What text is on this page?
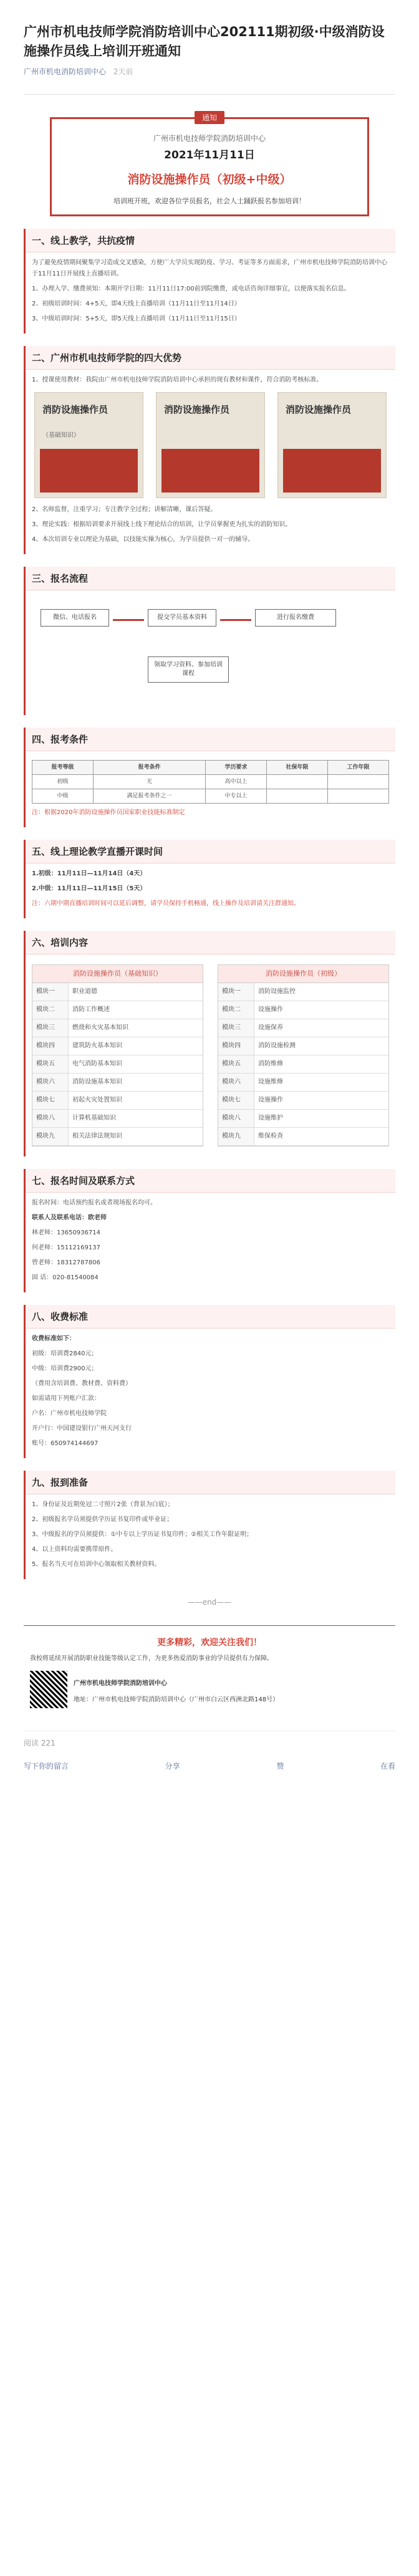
广州市机电技师学院消防培训中心202111期初级·中级消防设施操作员线上培训开班通知
广州市机电消防培训中心 2天前
通知
广州市机电技师学院消防培训中心
2021年11月11日
消防设施操作员（初级+中级）
培训班开班，欢迎各位学员报名，社会人士踊跃报名参加培训！
一、线上教学，共抗疫情
为了避免疫情期间聚集学习造成交叉感染，方便广大学员实现防疫、学习、考证等多方面需求，广州市机电技师学院消防培训中心于11月11日开展线上直播培训。
1、办理入学、缴费须知：本期开学日期：11月11日17:00前到院缴费，或电话咨询详细事宜，以便落实报名信息。
2、初级培训时间：4+5天，即4天线上直播培训（11月11日至11月14日）
3、中级培训时间：5+5天，即5天线上直播培训（11月11日至11月15日）
二、广州市机电技师学院的四大优势
1、授课使用教材：我院由广州市机电技师学院消防培训中心承担的现有教材和课件，符合消防考核标准。
消防设施操作员
（基础知识）
消防设施操作员	消防设施操作员
2、名师监督，注重学习；专注教学全过程；讲解清晰，课后答疑。
3、理论实践：根据培训要求开展线上线下理论结合的培训，让学员掌握更为扎实的消防知识。
4、本次培训专业以理论为基础，以技能实操为核心，为学员提供一对一的辅导。
三、报名流程
微信、电话报名	提交学员基本资料	进行报名缴费
领取学习资料、参加培训课程
四、报考条件
报考等级	报考条件	学历要求	社保年限	工作年限
初级	无	高中以上		
中级	满足报考条件之一	中专以上		
注：根据2020年消防设施操作员国家职业技能标准制定
五、线上理论教学直播开课时间
1.初级：11月11日—11月14日（4天）
2.中级：11月11日—11月15日（5天）
注：六期中期直播培训时间可以延后调整，请学员保持手机畅通，线上操作及培训请关注群通知。
六、培训内容
消防设施操作员（基础知识）
模块一	职业道德
模块二	消防工作概述
模块三	燃烧和火灾基本知识
模块四	建筑防火基本知识
模块五	电气消防基本知识
模块六	消防设施基本知识
模块七	初起火灾处置知识
模块八	计算机基础知识
模块九	相关法律法规知识
消防设施操作员（初级）
模块一	消防设施监控
模块二	设施操作
模块三	设施保养
模块四	消防设施检测
模块五	消防维修
模块六	设施维修
模块七	设施操作
模块八	设施维护
模块九	维保检查
七、报名时间及联系方式
报名时间：电话预约报名或者现场报名均可。
联系人及联系电话：欧老师
林老师：13650936714
何老师：15112169137
曾老师：18312787806
固 话：020-81540084
八、收费标准
收费标准如下：
初级：培训费2840元；
中级：培训费2900元；
（费用含培训费、教材费、资料费）
如需请用下列账户汇款：
户名：广州市机电技师学院
开户行：中国建设银行广州天河支行
账号：650974144697
九、报到准备
1、身份证及近期免冠二寸照片2张（背景为白底）；
2、初级报名学员须提供学历证书复印件或毕业证；
3、中级报名的学员须提供：①中专以上学历证书复印件；②相关工作年限证明；
4、以上资料均需要携带原件。
5、报名当天可在培训中心领取相关教材资料。
——end——
更多精彩，欢迎关注我们！
我校将延续开展消防职业技能等级认定工作，为更多热爱消防事业的学员提供有力保障。
广州市机电技师学院消防培训中心
地址：广州市机电技师学院消防培训中心（广州市白云区西洲北路148号）
阅读 221
写下你的留言	分享	赞	在看
